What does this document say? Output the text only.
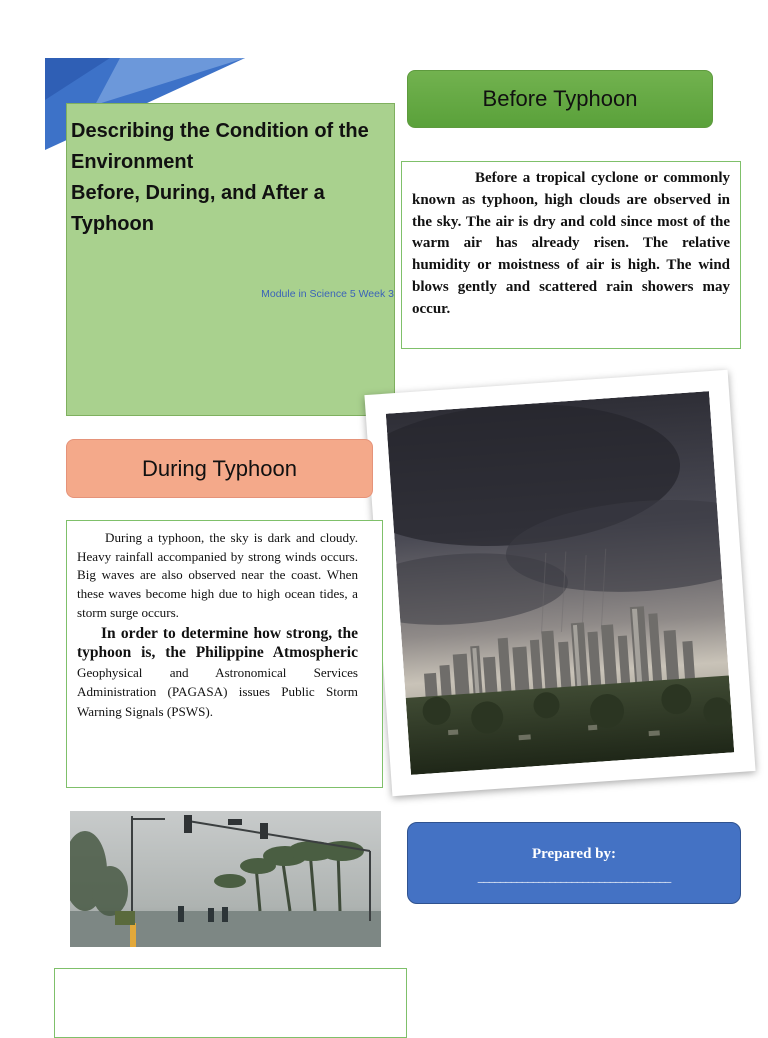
Describing the Condition of the
Environment
Before, During, and After a
Typhoon
Module in Science 5 Week 3
Before Typhoon

Before a tropical cyclone or commonly known as typhoon, high clouds are observed in the sky. The air is dry and cold since most of the warm air has already risen. The relative humidity or moistness of air is high. The wind blows gently and scattered rain showers may occur.

During Typhoon

During a typhoon, the sky is dark and cloudy. Heavy rainfall accompanied by strong winds occurs. Big waves are also observed near the coast. When these waves become high due to high ocean tides, a storm surge occurs.

In order to determine how strong, the typhoon is, the Philippine Atmospheric Geophysical and Astronomical Services Administration (PAGASA) issues Public Storm Warning Signals (PSWS).

Prepared by:
___________________________________
